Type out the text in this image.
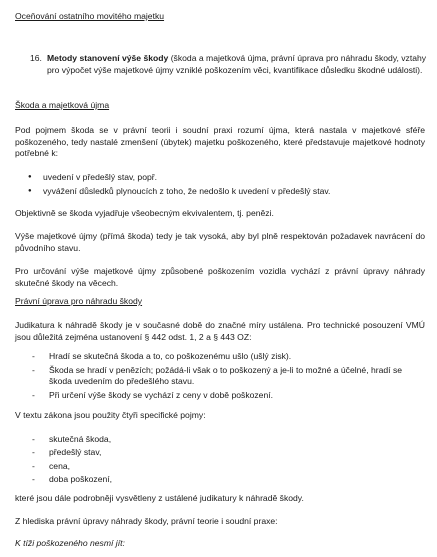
Oceňování ostatního movitého majetku

16. Metody stanovení výše škody (škoda a majetková újma, právní úprava pro náhradu škody, vztahy pro výpočet výše majetkové újmy vzniklé poškozením věci, kvantifikace důsledku škodné události).

Škoda a majetková újma

Pod pojmem škoda se v právní teorii i soudní praxi rozumí újma, která nastala v majetkové sféře poškozeného, tedy nastalé zmenšení (úbytek) majetku poškozeného, které představuje majetkové hodnoty potřebné k:

● uvedení v předešlý stav, popř.
● vyvážení důsledků plynoucích z toho, že nedošlo k uvedení v předešlý stav.

Objektivně se škoda vyjadřuje všeobecným ekvivalentem, tj. penězi.

Výše majetkové újmy (přímá škoda) tedy je tak vysoká, aby byl plně respektován požadavek navrácení do původního stavu.

Pro určování výše majetkové újmy způsobené poškozením vozidla vychází z právní úpravy náhrady skutečné škody na věcech.

Právní úprava pro náhradu škody

Judikatura k náhradě škody je v současné době do značné míry ustálena. Pro technické posouzení VMÚ jsou důležitá zejména ustanovení § 442 odst. 1, 2 a § 443 OZ:

- Hradí se skutečná škoda a to, co poškozenému ušlo (ušlý zisk).
- Škoda se hradí v penězích; požádá-li však o to poškozený a je-li to možné a účelné, hradí se škoda uvedením do předešlého stavu.
- Při určení výše škody se vychází z ceny v době poškození.

V textu zákona jsou použity čtyři specifické pojmy:

- skutečná škoda,
- předešlý stav,
- cena,
- doba poškození,

které jsou dále podrobněji vysvětleny z ustálené judikatury k náhradě škody.

Z hlediska právní úpravy náhrady škody, právní teorie i soudní praxe:

K tíži poškozeného nesmí jít:
